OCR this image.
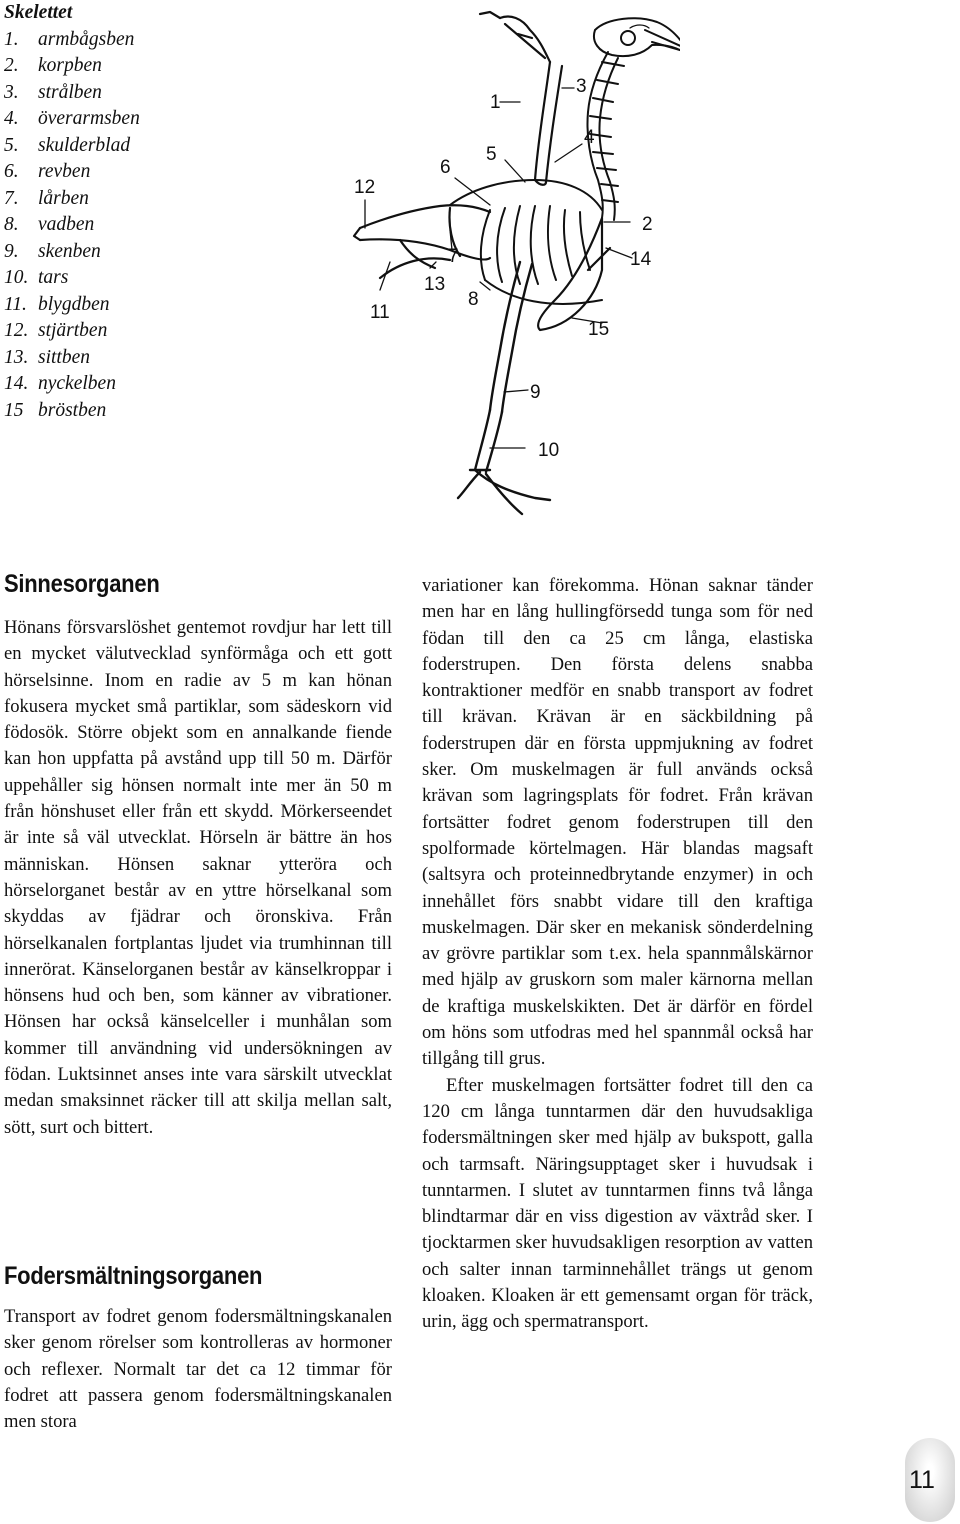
Skelettet
1. armbågsben
2. korpben
3. strålben
4. överarmsben
5. skulderblad
6. revben
7. lårben
8. vadben
9. skenben
10. tars
11. blygdben
12. stjärtben
13. sittben
14. nyckelben
15 bröstben
1
2
3
4
5
6
7
8
9
10
11
12
13
14
15
Sinnesorganen

Hönans försvarslöshet gentemot rovdjur har lett till en mycket välutvecklad synförmåga och ett gott hörselsinne. Inom en radie av 5 m kan hönan fokusera mycket små partiklar, som sädeskorn vid födosök. Större objekt som en annalkande fiende kan hon uppfatta på avstånd upp till 50 m. Därför uppehåller sig hönsen normalt inte mer än 50 m från hönshuset eller från ett skydd. Mörkerseendet är inte så väl utvecklat. Hörseln är bättre än hos människan. Hönsen saknar ytteröra och hörselorganet består av en yttre hörselkanal som skyddas av fjädrar och öronskiva. Från hörselkanalen fortplantas ljudet via trumhinnan till innerörat. Känselorganen består av känselkroppar i hönsens hud och ben, som känner av vibrationer. Hönsen har också känselceller i munhålan som kommer till användning vid undersökningen av födan. Luktsinnet anses inte vara särskilt utvecklat medan smaksinnet räcker till att skilja mellan salt, sött, surt och bittert.

Fodersmältningsorganen

Transport av fodret genom fodersmältningskanalen sker genom rörelser som kontrolleras av hormoner och reflexer. Normalt tar det ca 12 timmar för fodret att passera genom fodersmältningskanalen men stora

variationer kan förekomma. Hönan saknar tänder men har en lång hullingförsedd tunga som för ned födan till den ca 25 cm långa, elastiska foderstrupen. Den första delens snabba kontraktioner medför en snabb transport av fodret till krävan. Krävan är en säckbildning på foderstrupen där en första uppmjukning av fodret sker. Om muskelmagen är full används också krävan som lagringsplats för fodret. Från krävan fortsätter fodret genom foderstrupen till den spolformade körtelmagen. Här blandas magsaft (saltsyra och proteinnedbrytande enzymer) in och innehållet förs snabbt vidare till den kraftiga muskelmagen. Där sker en mekanisk sönderdelning av grövre partiklar som t.ex. hela spannmålskärnor med hjälp av gruskorn som maler kärnorna mellan de kraftiga muskelskikten. Det är därför en fördel om höns som utfodras med hel spannmål också har tillgång till grus.

Efter muskelmagen fortsätter fodret till den ca 120 cm långa tunntarmen där den huvudsakliga fodersmältningen sker med hjälp av bukspott, galla och tarmsaft. Näringsupptaget sker i huvudsak i tunntarmen. I slutet av tunntarmen finns två långa blindtarmar där en viss digestion av växtråd sker. I tjocktarmen sker huvudsakligen resorption av vatten och salter innan tarminnehållet trängs ut genom kloaken. Kloaken är ett gemensamt organ för träck, urin, ägg och spermatransport.

11
